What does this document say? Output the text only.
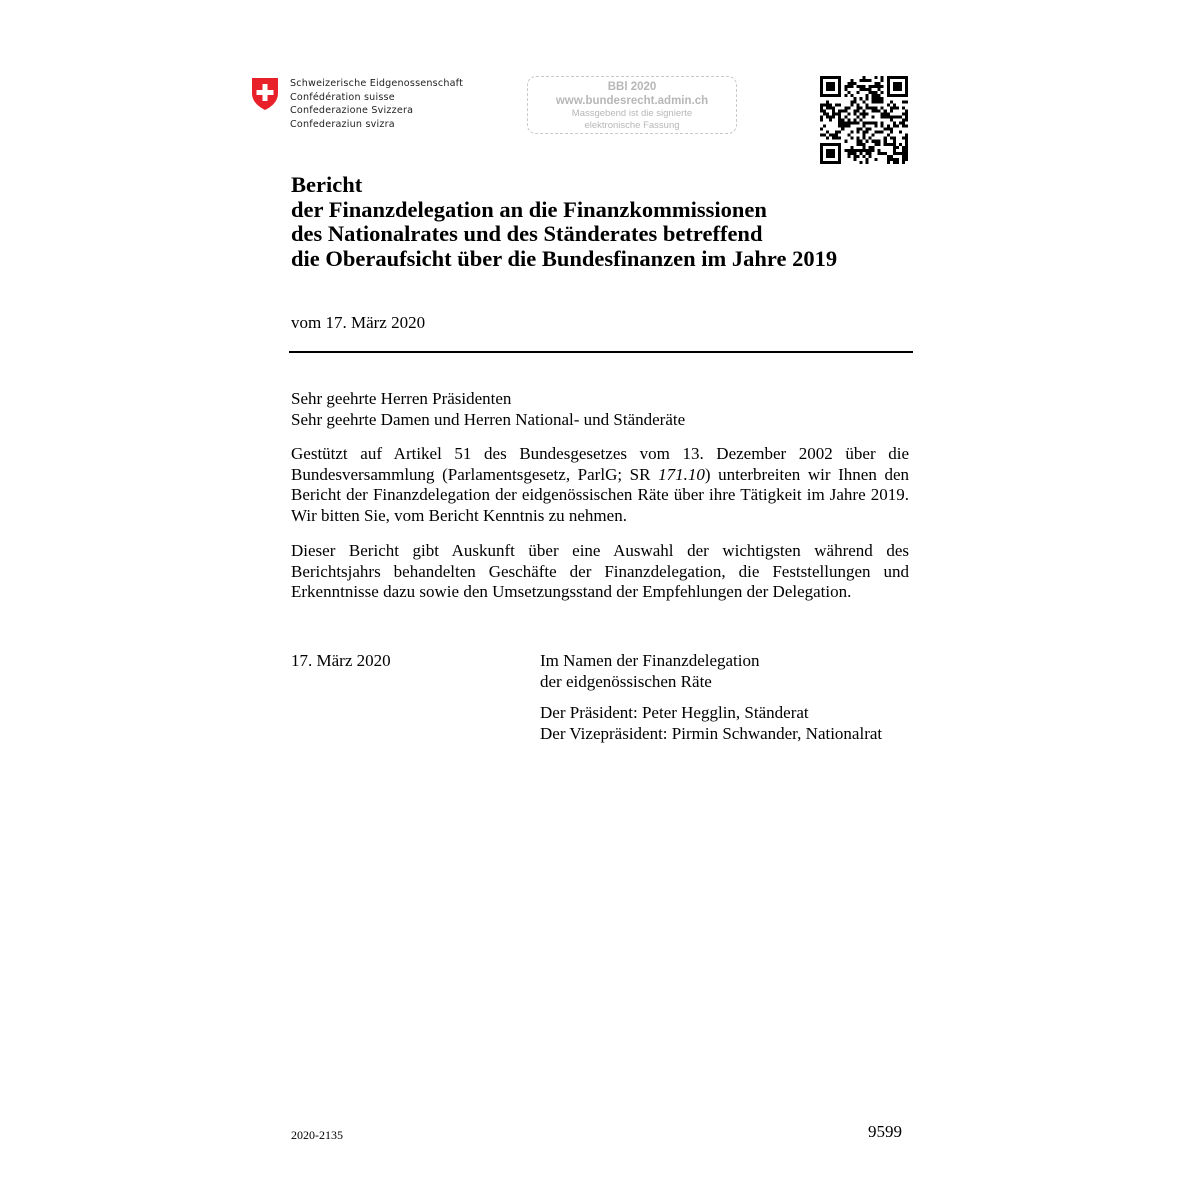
Schweizerische Eidgenossenschaft
Confédération suisse
Confederazione Svizzera
Confederaziun svizra
BBl 2020
www.bundesrecht.admin.ch
Massgebend ist die signierte
elektronische Fassung
Bericht
der Finanzdelegation an die Finanzkommissionen
des Nationalrates und des Ständerates betreffend
die Oberaufsicht über die Bundesfinanzen im Jahre 2019
vom 17. März 2020
Sehr geehrte Herren Präsidenten
Sehr geehrte Damen und Herren National- und Ständeräte
Gestützt auf Artikel 51 des Bundesgesetzes vom 13. Dezember 2002 über die Bundesversammlung (Parlamentsgesetz, ParlG; SR 171.10) unterbreiten wir Ihnen den Bericht der Finanzdelegation der eidgenössischen Räte über ihre Tätigkeit im Jahre 2019. Wir bitten Sie, vom Bericht Kenntnis zu nehmen.
Dieser Bericht gibt Auskunft über eine Auswahl der wichtigsten während des Berichtsjahrs behandelten Geschäfte der Finanzdelegation, die Feststellungen und Erkenntnisse dazu sowie den Umsetzungsstand der Empfehlungen der Delegation.
17. März 2020	Im Namen der Finanzdelegation
der eidgenössischen Räte
Der Präsident: Peter Hegglin, Ständerat
Der Vizepräsident: Pirmin Schwander, Nationalrat
2020-2135	9599
